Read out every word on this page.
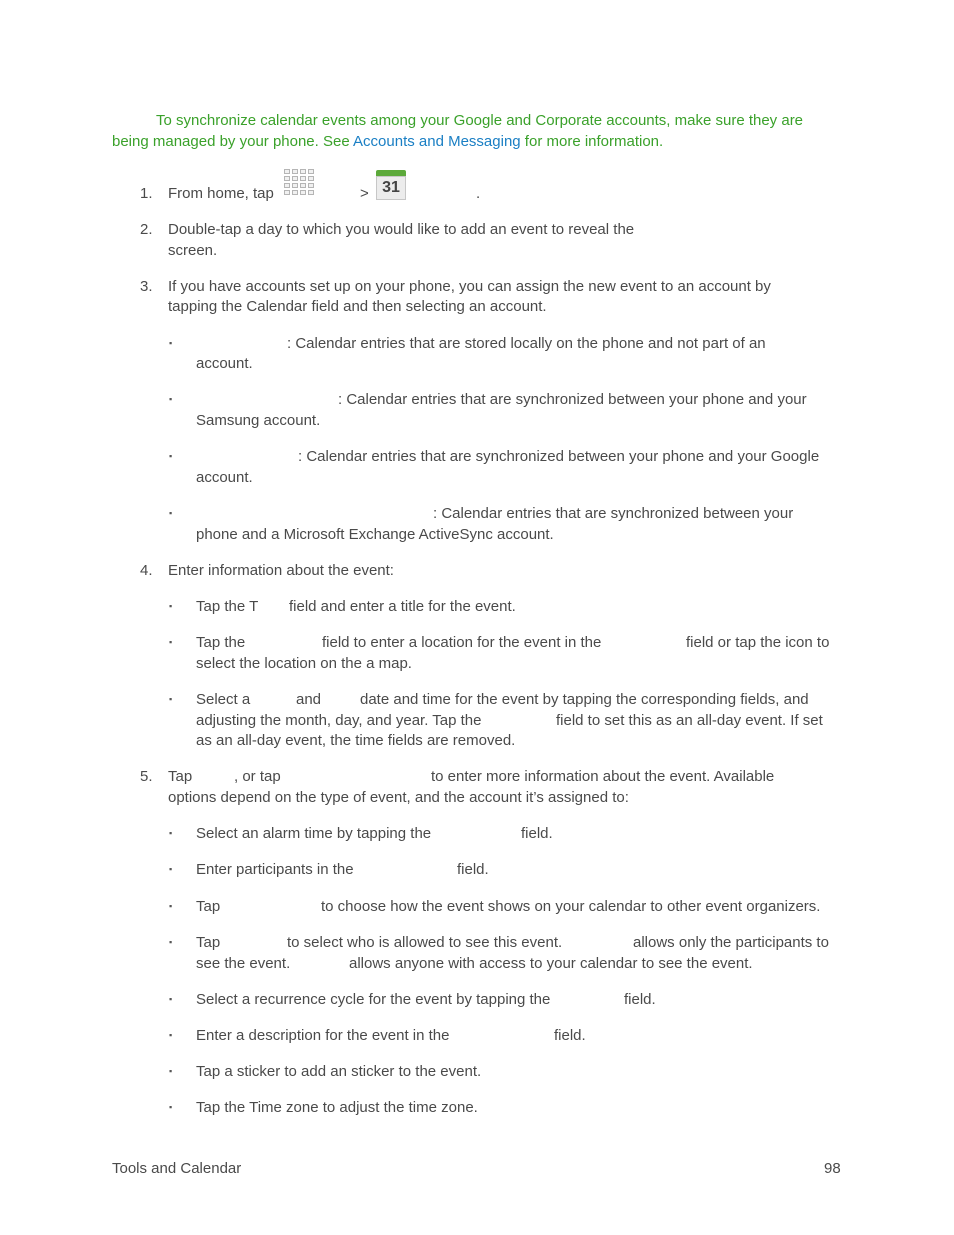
To synchronize calendar events among your Google and Corporate accounts, make sure they are
being managed by your phone. See Accounts and Messaging for more information.
1.	From home, tap	> 31	.
2.	Double-tap a day to which you would like to add an event to reveal the
screen.
3.	If you have accounts set up on your phone, you can assign the new event to an account by
tapping the Calendar field and then selecting an account.
▪	: Calendar entries that are stored locally on the phone and not part of an
account.
▪	: Calendar entries that are synchronized between your phone and your
Samsung account.
▪	: Calendar entries that are synchronized between your phone and your Google
account.
▪	: Calendar entries that are synchronized between your
phone and a Microsoft Exchange ActiveSync account.
4.	Enter information about the event:
▪ Tap the T field and enter a title for the event.
▪ Tap the	field to enter a location for the event in the	field or tap the icon to
select the location on the a map.
▪ Select a	and	date and time for the event by tapping the corresponding fields, and
adjusting the month, day, and year. Tap the	field to set this as an all-day event. If set
as an all-day event, the time fields are removed.
5.	Tap	, or tap	to enter more information about the event. Available
options depend on the type of event, and the account it’s assigned to:
▪ Select an alarm time by tapping the	field.
▪ Enter participants in the	field.
▪ Tap	to choose how the event shows on your calendar to other event organizers.
▪ Tap	to select who is allowed to see this event.	allows only the participants to
see the event.	allows anyone with access to your calendar to see the event.
▪ Select a recurrence cycle for the event by tapping the	field.
▪ Enter a description for the event in the	field.
▪ Tap a sticker to add an sticker to the event.
▪ Tap the Time zone to adjust the time zone.
Tools and Calendar	98
